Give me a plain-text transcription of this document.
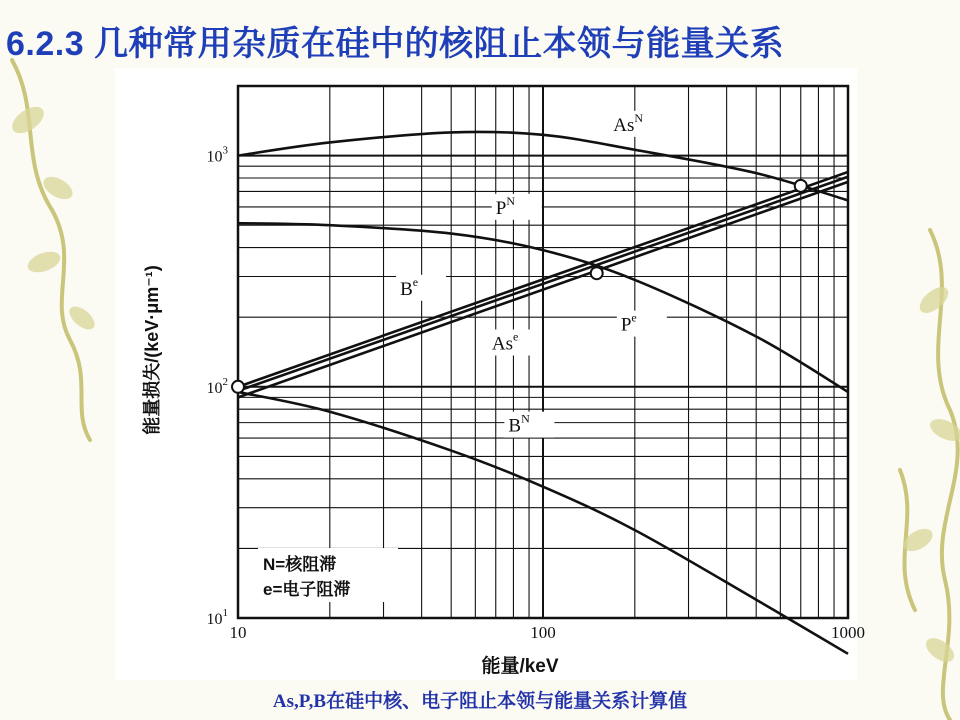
6.2.3 几种常用杂质在硅中的核阻止本领与能量关系
$As^N$
$P^N$
$B^e$
As$^e$
$P^e$
$B^N$
10	100	1000
$10^1$
$10^2$
$10^3$
N=核阻滞
e=电子阻滞
能量/keV
能量损失/(keV·μm⁻¹)
As,P,B在硅中核、电子阻止本领与能量关系计算值
